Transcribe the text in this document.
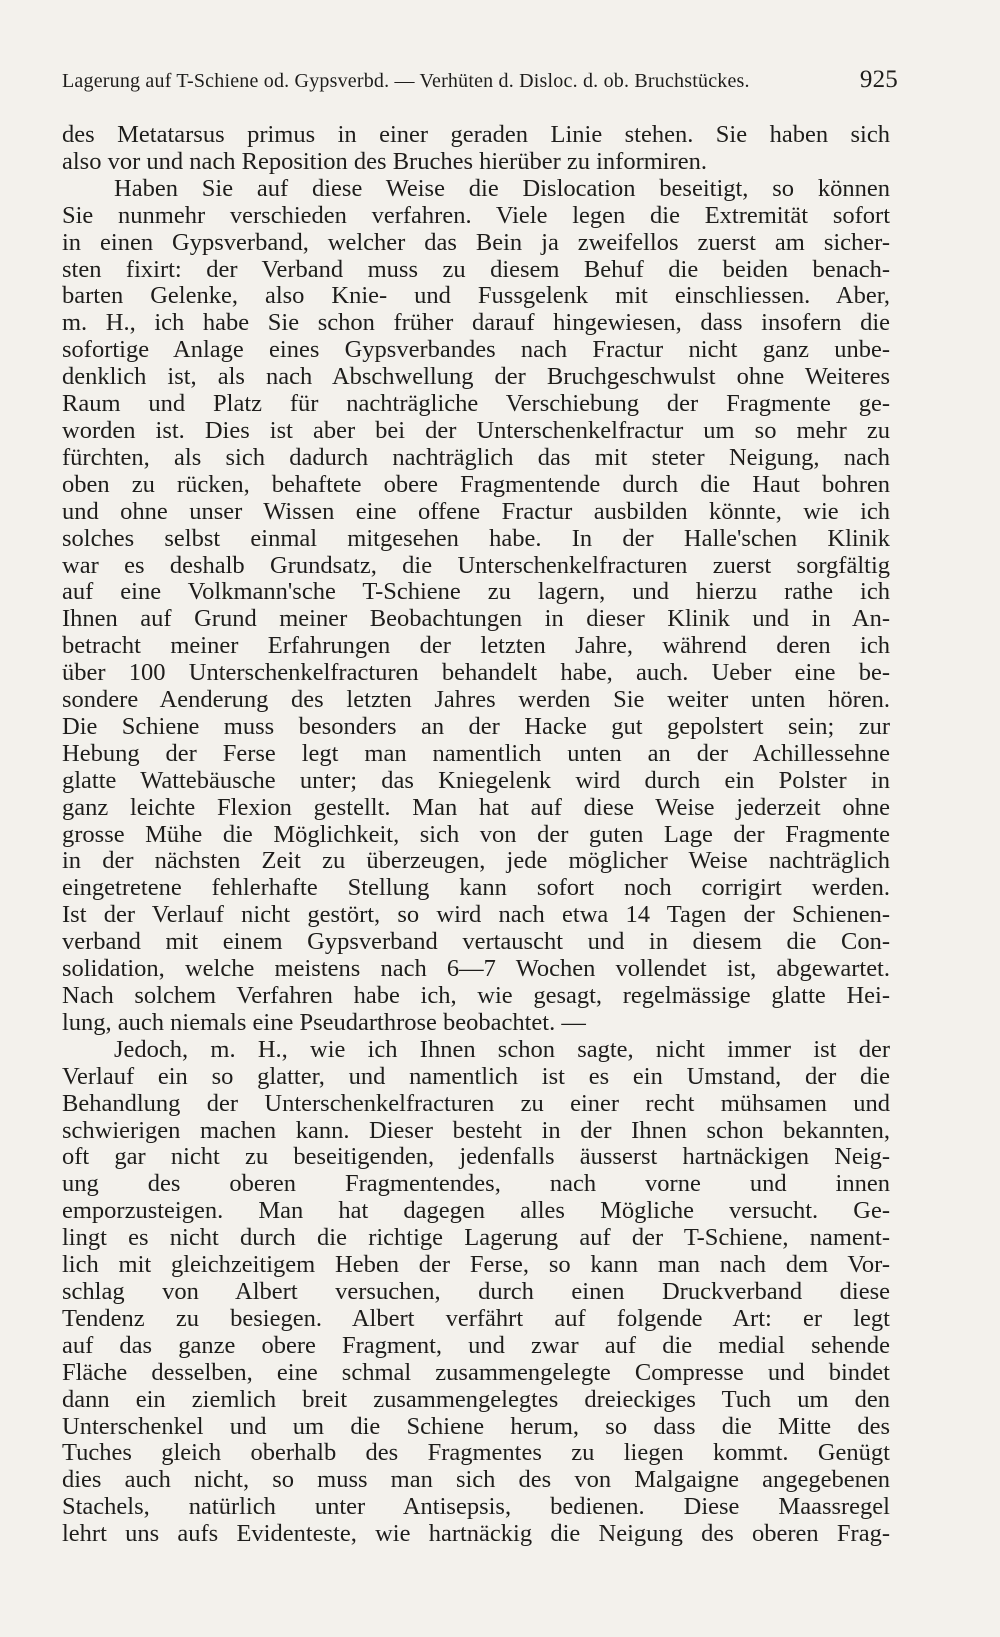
Lagerung auf T-Schiene od. Gypsverbd. — Verhüten d. Disloc. d. ob. Bruchstückes.	925
des Metatarsus primus in einer geraden Linie stehen. Sie haben sich
also vor und nach Reposition des Bruches hierüber zu informiren.
Haben Sie auf diese Weise die Dislocation beseitigt, so können
Sie nunmehr verschieden verfahren. Viele legen die Extremität sofort
in einen Gypsverband, welcher das Bein ja zweifellos zuerst am sicher-
sten fixirt: der Verband muss zu diesem Behuf die beiden benach-
barten Gelenke, also Knie- und Fussgelenk mit einschliessen. Aber,
m. H., ich habe Sie schon früher darauf hingewiesen, dass insofern die
sofortige Anlage eines Gypsverbandes nach Fractur nicht ganz unbe-
denklich ist, als nach Abschwellung der Bruchgeschwulst ohne Weiteres
Raum und Platz für nachträgliche Verschiebung der Fragmente ge-
worden ist. Dies ist aber bei der Unterschenkelfractur um so mehr zu
fürchten, als sich dadurch nachträglich das mit steter Neigung, nach
oben zu rücken, behaftete obere Fragmentende durch die Haut bohren
und ohne unser Wissen eine offene Fractur ausbilden könnte, wie ich
solches selbst einmal mitgesehen habe. In der Halle'schen Klinik
war es deshalb Grundsatz, die Unterschenkelfracturen zuerst sorgfältig
auf eine Volkmann'sche T-Schiene zu lagern, und hierzu rathe ich
Ihnen auf Grund meiner Beobachtungen in dieser Klinik und in An-
betracht meiner Erfahrungen der letzten Jahre, während deren ich
über 100 Unterschenkelfracturen behandelt habe, auch. Ueber eine be-
sondere Aenderung des letzten Jahres werden Sie weiter unten hören.
Die Schiene muss besonders an der Hacke gut gepolstert sein; zur
Hebung der Ferse legt man namentlich unten an der Achillessehne
glatte Wattebäusche unter; das Kniegelenk wird durch ein Polster in
ganz leichte Flexion gestellt. Man hat auf diese Weise jederzeit ohne
grosse Mühe die Möglichkeit, sich von der guten Lage der Fragmente
in der nächsten Zeit zu überzeugen, jede möglicher Weise nachträglich
eingetretene fehlerhafte Stellung kann sofort noch corrigirt werden.
Ist der Verlauf nicht gestört, so wird nach etwa 14 Tagen der Schienen-
verband mit einem Gypsverband vertauscht und in diesem die Con-
solidation, welche meistens nach 6—7 Wochen vollendet ist, abgewartet.
Nach solchem Verfahren habe ich, wie gesagt, regelmässige glatte Hei-
lung, auch niemals eine Pseudarthrose beobachtet. —
Jedoch, m. H., wie ich Ihnen schon sagte, nicht immer ist der
Verlauf ein so glatter, und namentlich ist es ein Umstand, der die
Behandlung der Unterschenkelfracturen zu einer recht mühsamen und
schwierigen machen kann. Dieser besteht in der Ihnen schon bekannten,
oft gar nicht zu beseitigenden, jedenfalls äusserst hartnäckigen Neig-
ung des oberen Fragmentendes, nach vorne und innen
emporzusteigen. Man hat dagegen alles Mögliche versucht. Ge-
lingt es nicht durch die richtige Lagerung auf der T-Schiene, nament-
lich mit gleichzeitigem Heben der Ferse, so kann man nach dem Vor-
schlag von Albert versuchen, durch einen Druckverband diese
Tendenz zu besiegen. Albert verfährt auf folgende Art: er legt
auf das ganze obere Fragment, und zwar auf die medial sehende
Fläche desselben, eine schmal zusammengelegte Compresse und bindet
dann ein ziemlich breit zusammengelegtes dreieckiges Tuch um den
Unterschenkel und um die Schiene herum, so dass die Mitte des
Tuches gleich oberhalb des Fragmentes zu liegen kommt. Genügt
dies auch nicht, so muss man sich des von Malgaigne angegebenen
Stachels, natürlich unter Antisepsis, bedienen. Diese Maassregel
lehrt uns aufs Evidenteste, wie hartnäckig die Neigung des oberen Frag-
